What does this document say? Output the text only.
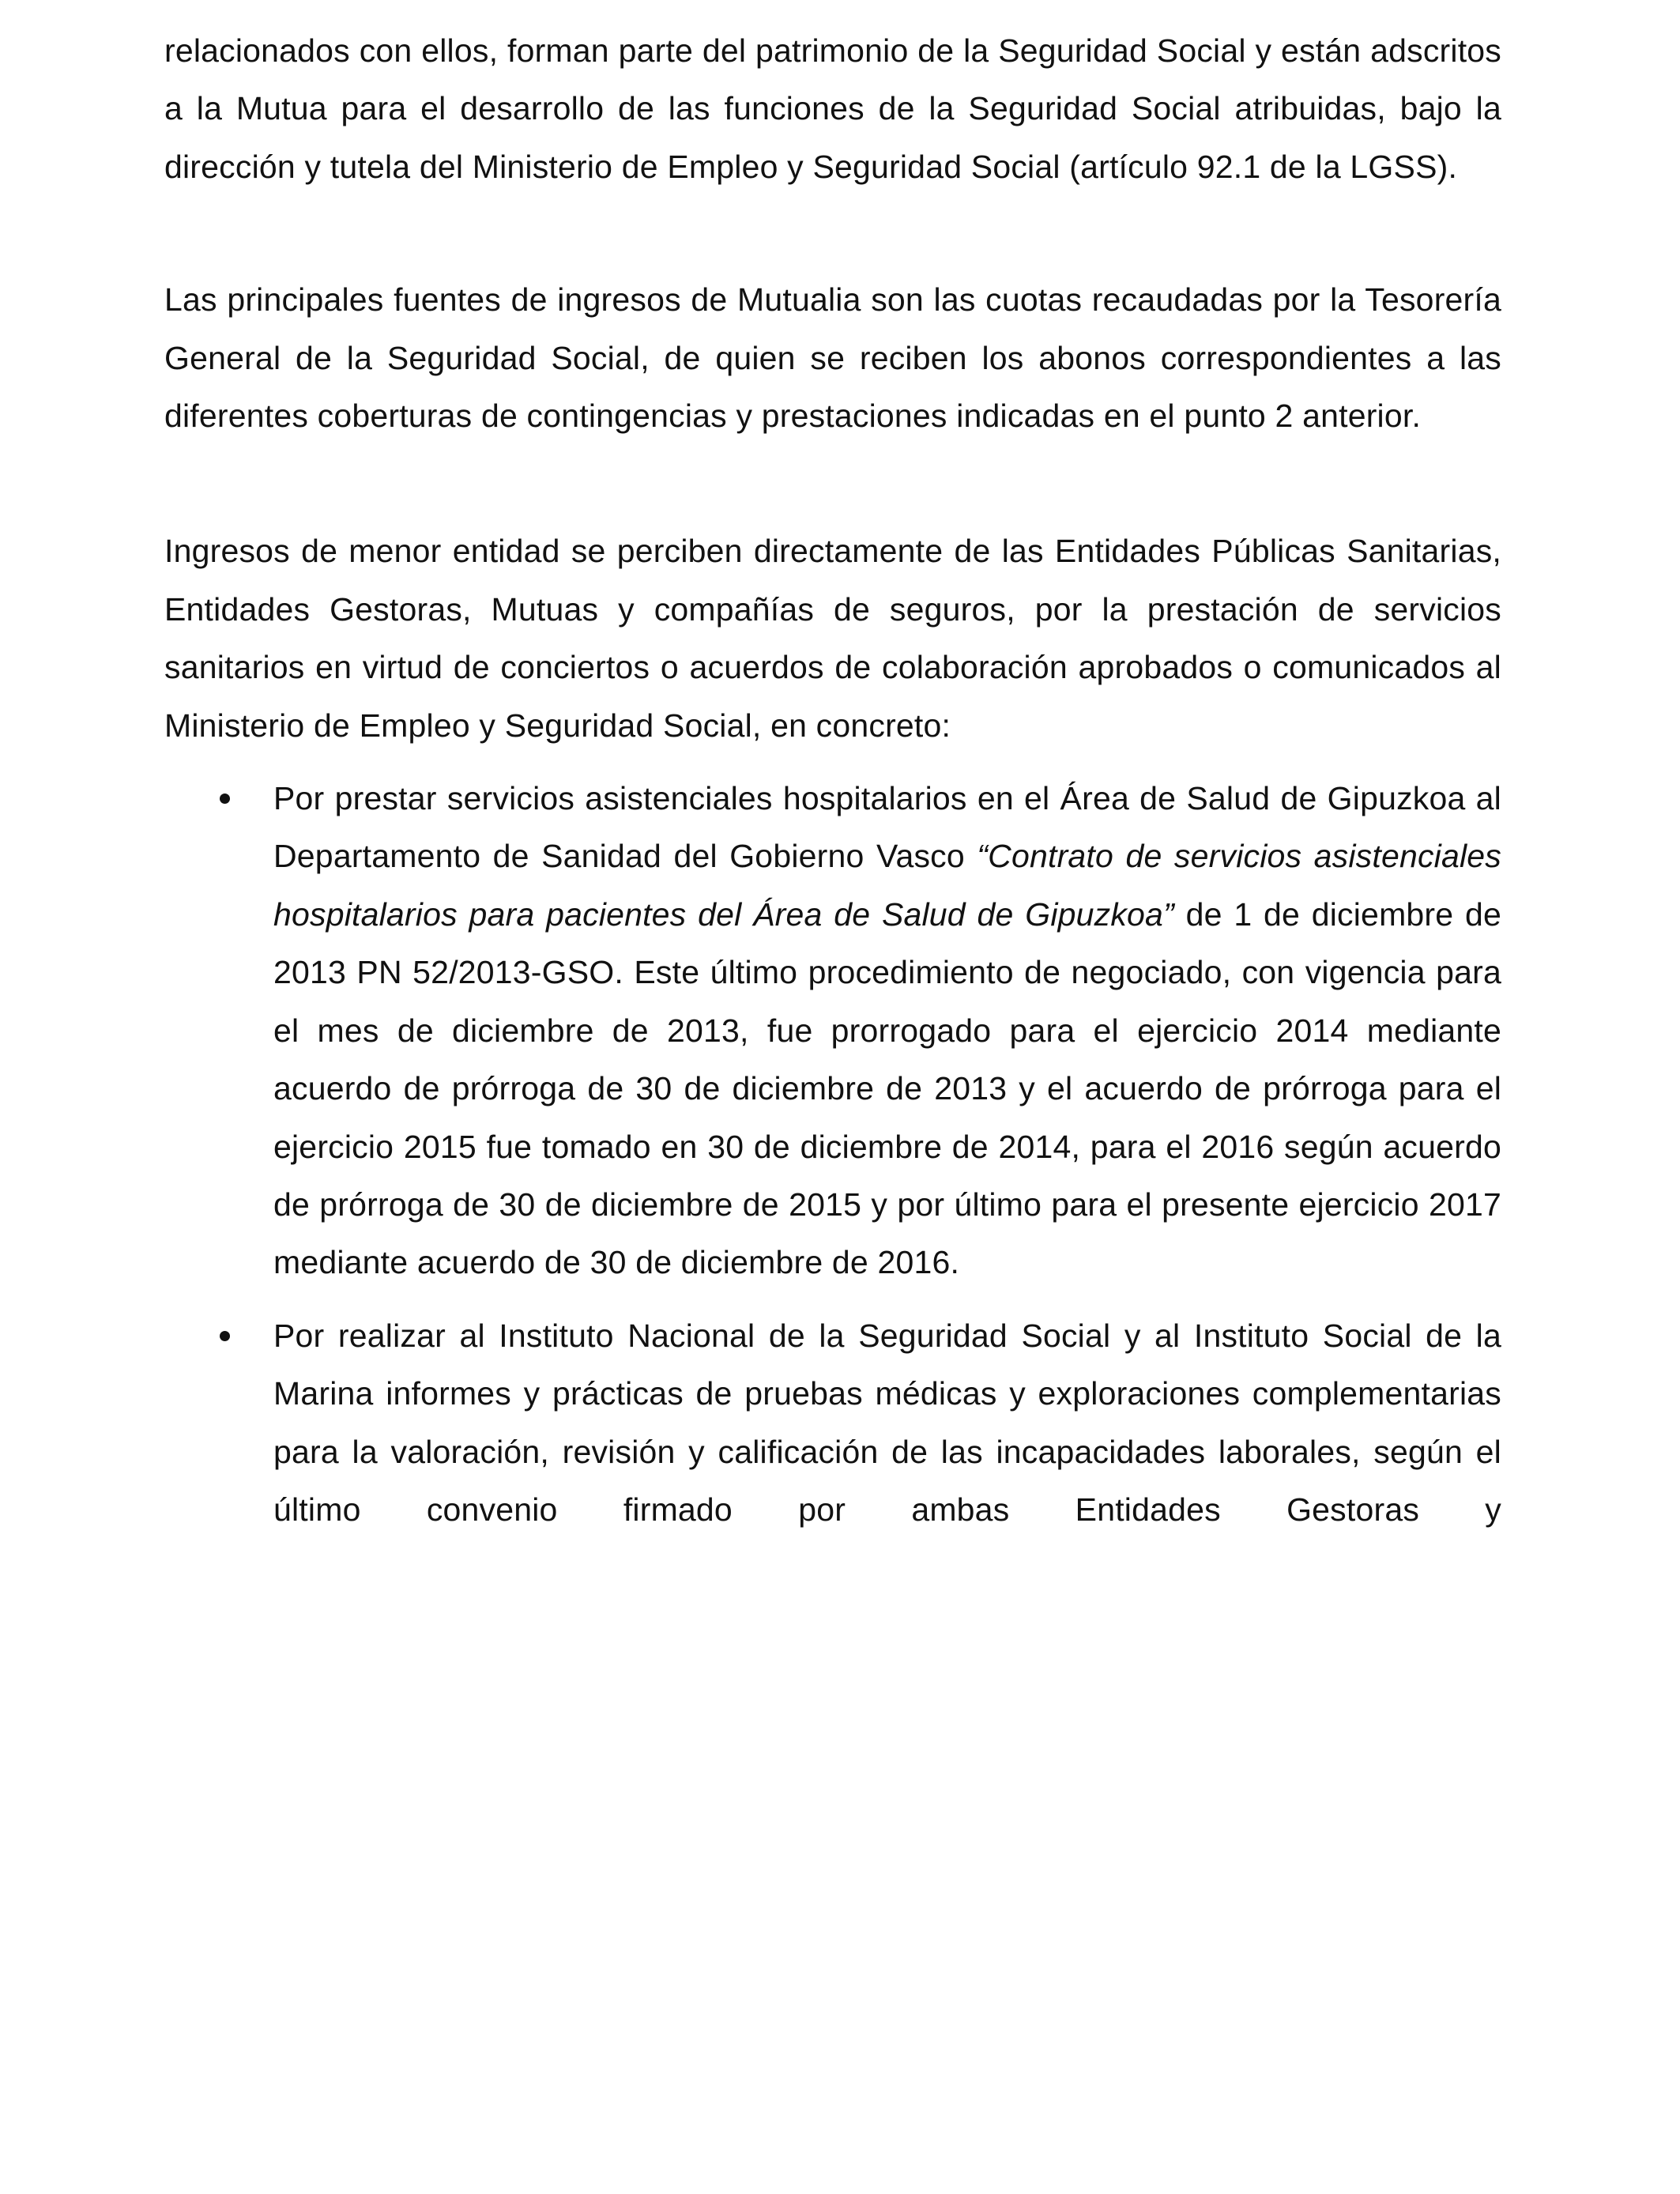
relacionados con ellos, forman parte del patrimonio de la Seguridad Social y están adscritos a la Mutua para el desarrollo de las funciones de la Seguridad Social atribuidas, bajo la dirección y tutela del Ministerio de Empleo y Seguridad Social (artículo 92.1 de la LGSS).

Las principales fuentes de ingresos de Mutualia son las cuotas recaudadas por la Tesorería General de la Seguridad Social, de quien se reciben los abonos correspondientes a las diferentes coberturas de contingencias y prestaciones indicadas en el punto 2 anterior.

Ingresos de menor entidad se perciben directamente de las Entidades Públicas Sanitarias, Entidades Gestoras, Mutuas y compañías de seguros, por la prestación de servicios sanitarios en virtud de conciertos o acuerdos de colaboración aprobados o comunicados al Ministerio de Empleo y Seguridad Social, en concreto:

Por prestar servicios asistenciales hospitalarios en el Área de Salud de Gipuzkoa al Departamento de Sanidad del Gobierno Vasco “Contrato de servicios asistenciales hospitalarios para pacientes del Área de Salud de Gipuzkoa” de 1 de diciembre de 2013 PN 52/2013-GSO. Este último procedimiento de negociado, con vigencia para el mes de diciembre de 2013, fue prorrogado para el ejercicio 2014 mediante acuerdo de prórroga de 30 de diciembre de 2013 y el acuerdo de prórroga para el ejercicio 2015 fue tomado en 30 de diciembre de 2014, para el 2016 según acuerdo de prórroga de 30 de diciembre de 2015 y por último para el presente ejercicio 2017 mediante acuerdo de 30 de diciembre de 2016.
Por realizar al Instituto Nacional de la Seguridad Social y al Instituto Social de la Marina informes y prácticas de pruebas médicas y exploraciones complementarias para la valoración, revisión y calificación de las incapacidades laborales, según el último convenio firmado por ambas Entidades Gestoras y
